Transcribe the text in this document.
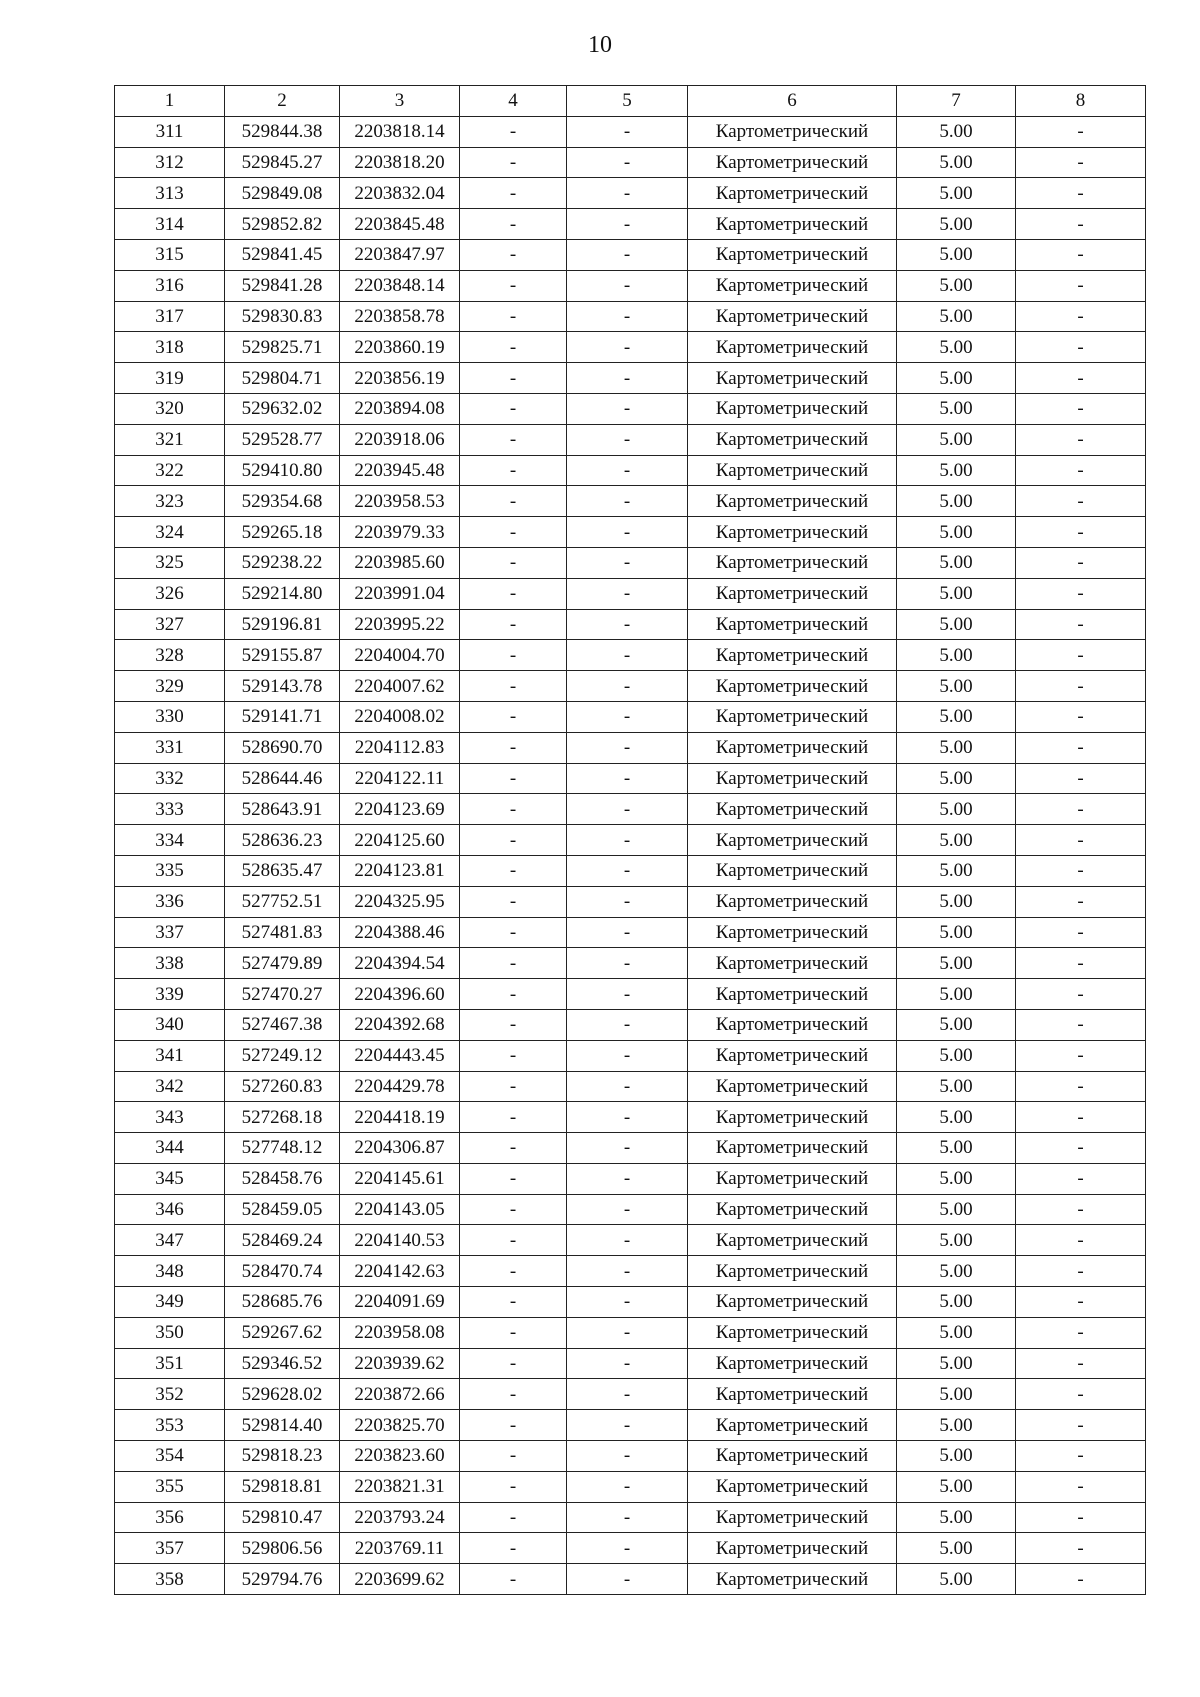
10
1	2	3	4	5	6	7	8
311	529844.38	2203818.14	-	-	Картометрический	5.00	-
312	529845.27	2203818.20	-	-	Картометрический	5.00	-
313	529849.08	2203832.04	-	-	Картометрический	5.00	-
314	529852.82	2203845.48	-	-	Картометрический	5.00	-
315	529841.45	2203847.97	-	-	Картометрический	5.00	-
316	529841.28	2203848.14	-	-	Картометрический	5.00	-
317	529830.83	2203858.78	-	-	Картометрический	5.00	-
318	529825.71	2203860.19	-	-	Картометрический	5.00	-
319	529804.71	2203856.19	-	-	Картометрический	5.00	-
320	529632.02	2203894.08	-	-	Картометрический	5.00	-
321	529528.77	2203918.06	-	-	Картометрический	5.00	-
322	529410.80	2203945.48	-	-	Картометрический	5.00	-
323	529354.68	2203958.53	-	-	Картометрический	5.00	-
324	529265.18	2203979.33	-	-	Картометрический	5.00	-
325	529238.22	2203985.60	-	-	Картометрический	5.00	-
326	529214.80	2203991.04	-	-	Картометрический	5.00	-
327	529196.81	2203995.22	-	-	Картометрический	5.00	-
328	529155.87	2204004.70	-	-	Картометрический	5.00	-
329	529143.78	2204007.62	-	-	Картометрический	5.00	-
330	529141.71	2204008.02	-	-	Картометрический	5.00	-
331	528690.70	2204112.83	-	-	Картометрический	5.00	-
332	528644.46	2204122.11	-	-	Картометрический	5.00	-
333	528643.91	2204123.69	-	-	Картометрический	5.00	-
334	528636.23	2204125.60	-	-	Картометрический	5.00	-
335	528635.47	2204123.81	-	-	Картометрический	5.00	-
336	527752.51	2204325.95	-	-	Картометрический	5.00	-
337	527481.83	2204388.46	-	-	Картометрический	5.00	-
338	527479.89	2204394.54	-	-	Картометрический	5.00	-
339	527470.27	2204396.60	-	-	Картометрический	5.00	-
340	527467.38	2204392.68	-	-	Картометрический	5.00	-
341	527249.12	2204443.45	-	-	Картометрический	5.00	-
342	527260.83	2204429.78	-	-	Картометрический	5.00	-
343	527268.18	2204418.19	-	-	Картометрический	5.00	-
344	527748.12	2204306.87	-	-	Картометрический	5.00	-
345	528458.76	2204145.61	-	-	Картометрический	5.00	-
346	528459.05	2204143.05	-	-	Картометрический	5.00	-
347	528469.24	2204140.53	-	-	Картометрический	5.00	-
348	528470.74	2204142.63	-	-	Картометрический	5.00	-
349	528685.76	2204091.69	-	-	Картометрический	5.00	-
350	529267.62	2203958.08	-	-	Картометрический	5.00	-
351	529346.52	2203939.62	-	-	Картометрический	5.00	-
352	529628.02	2203872.66	-	-	Картометрический	5.00	-
353	529814.40	2203825.70	-	-	Картометрический	5.00	-
354	529818.23	2203823.60	-	-	Картометрический	5.00	-
355	529818.81	2203821.31	-	-	Картометрический	5.00	-
356	529810.47	2203793.24	-	-	Картометрический	5.00	-
357	529806.56	2203769.11	-	-	Картометрический	5.00	-
358	529794.76	2203699.62	-	-	Картометрический	5.00	-
